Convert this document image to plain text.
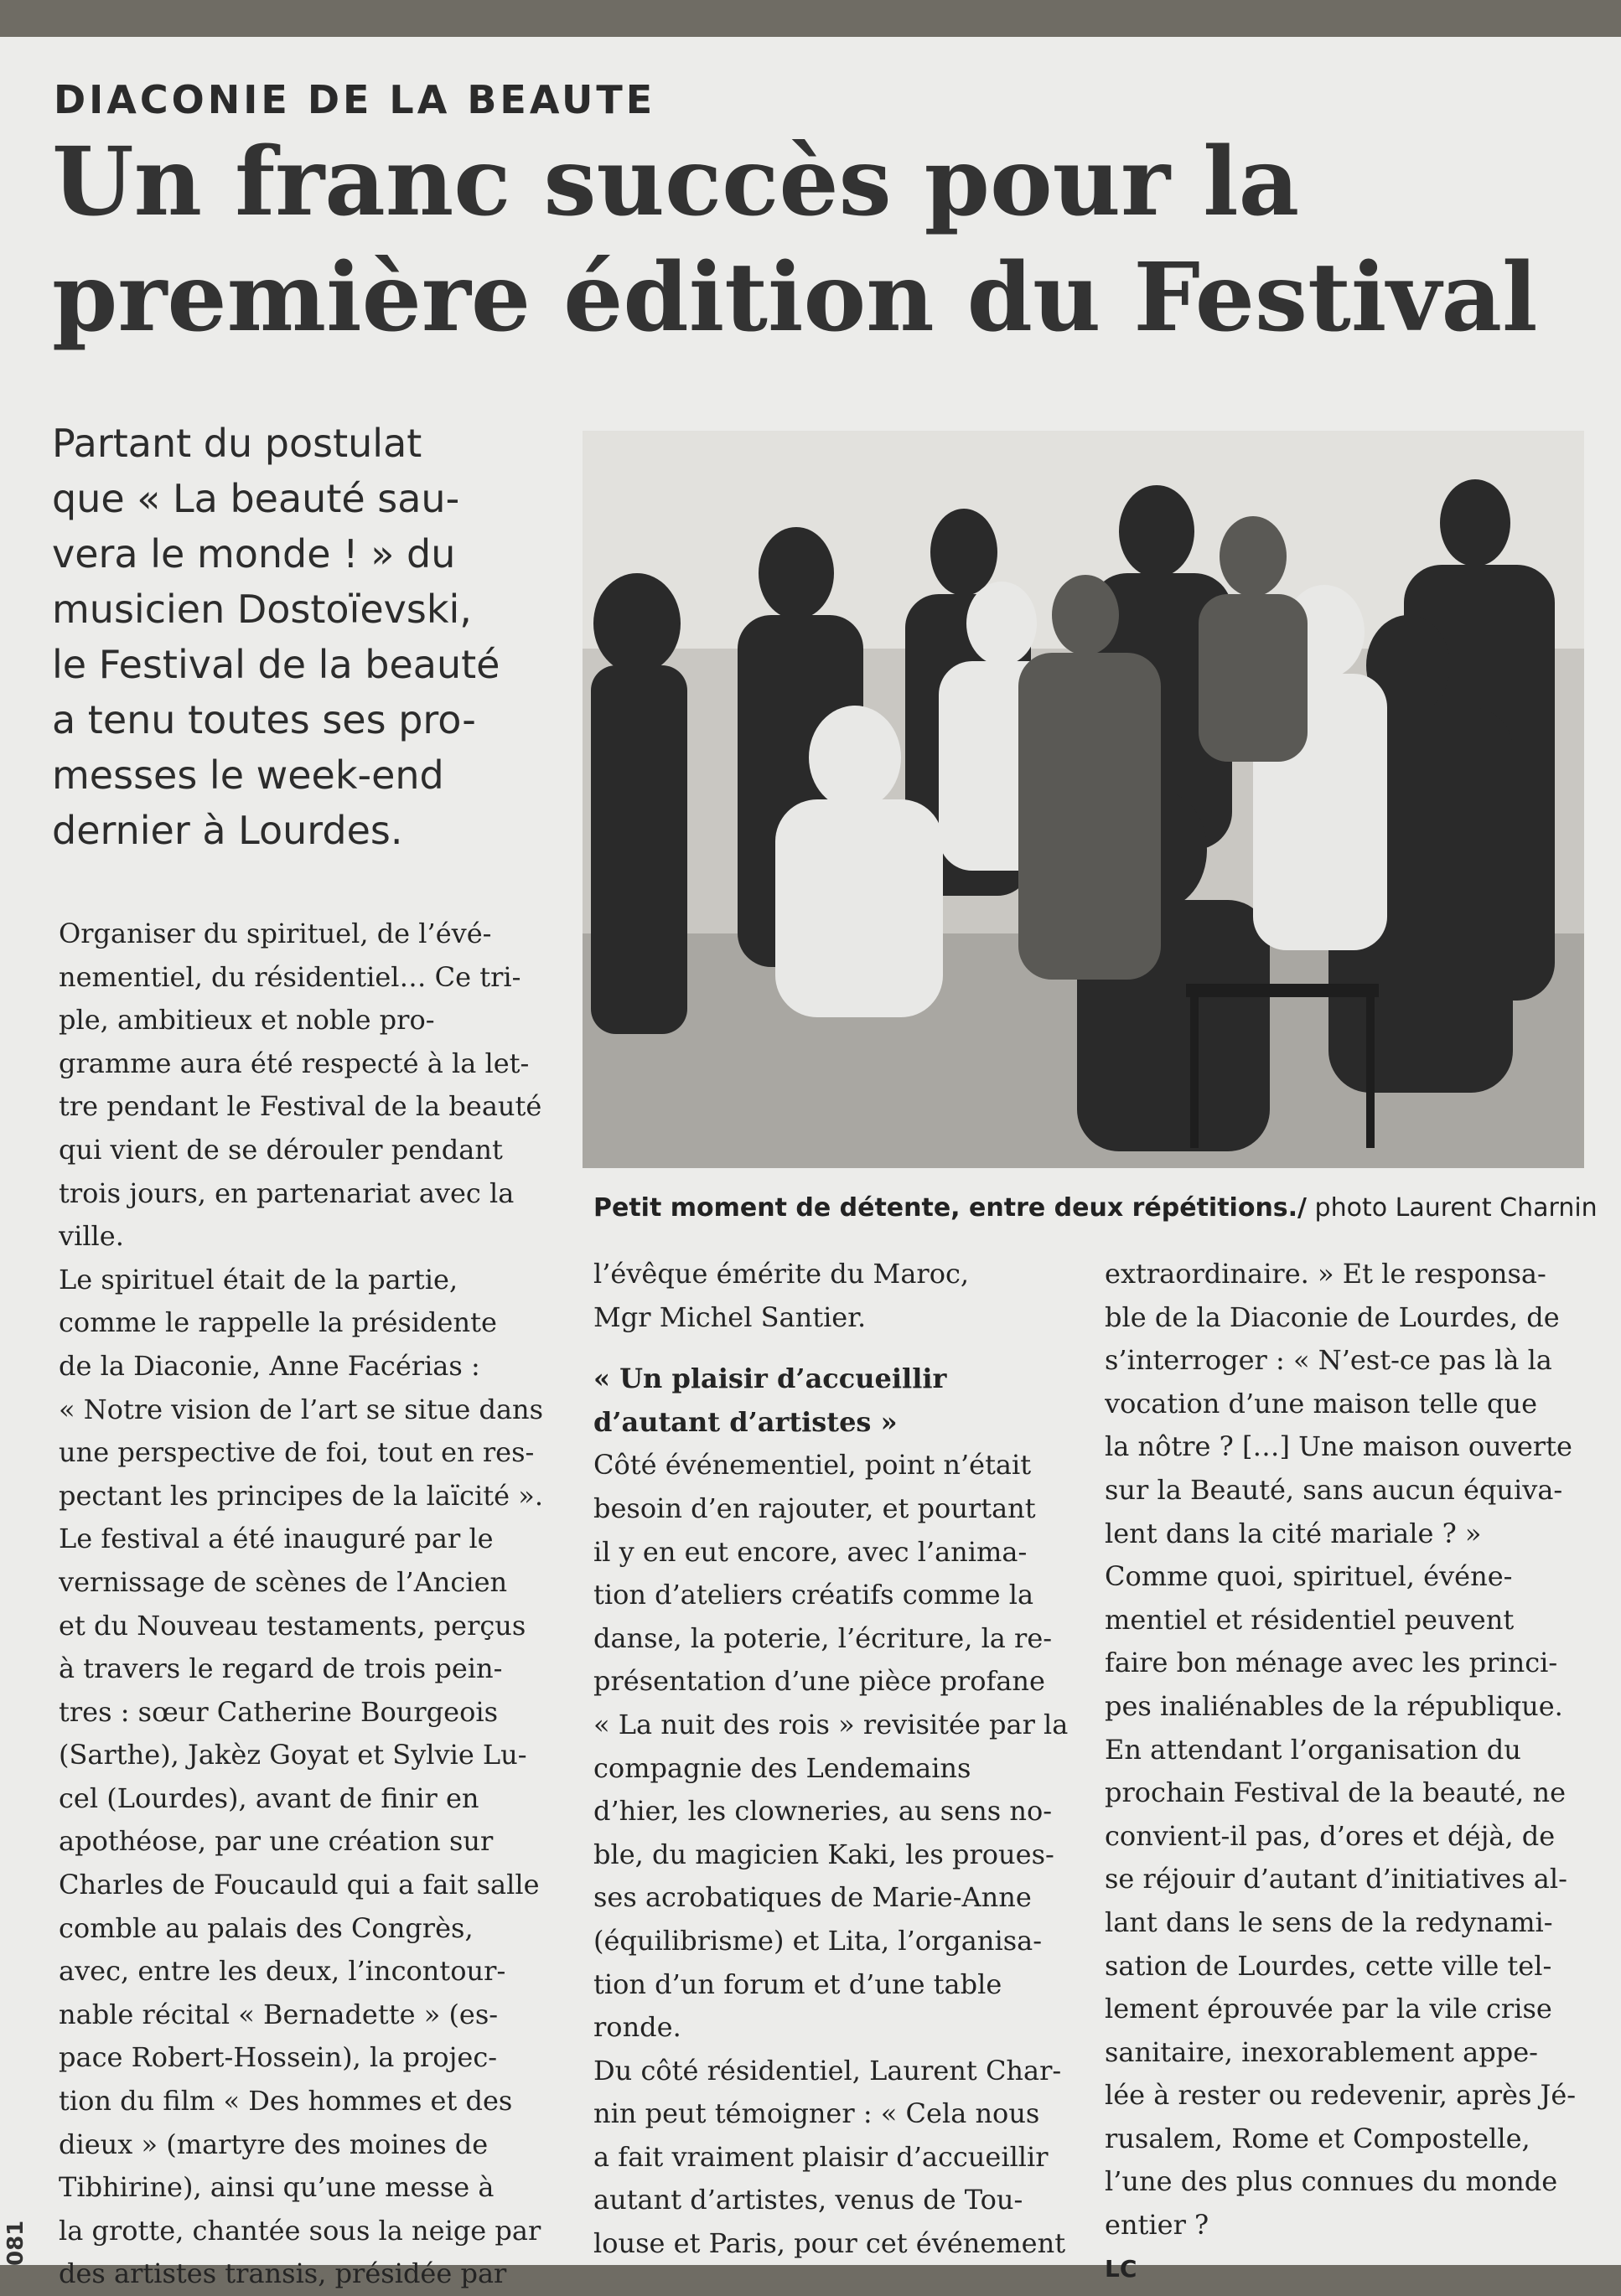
DIACONIE DE LA BEAUTE
Un franc succès pour la
première édition du Festival

Partant du postulat
que « La beauté sau-
vera le monde ! » du
musicien Dostoïevski,
le Festival de la beauté
a tenu toutes ses pro-
messes le week-end
dernier à Lourdes.

Petit moment de détente, entre deux répétitions./ photo Laurent Charnin

Organiser du spirituel, de l’évé-
nementiel, du résidentiel… Ce tri-
ple, ambitieux et noble pro-
gramme aura été respecté à la let-
tre pendant le Festival de la beauté
qui vient de se dérouler pendant
trois jours, en partenariat avec la
ville.
Le spirituel était de la partie,
comme le rappelle la présidente
de la Diaconie, Anne Facérias :
« Notre vision de l’art se situe dans
une perspective de foi, tout en res-
pectant les principes de la laïcité ».
Le festival a été inauguré par le
vernissage de scènes de l’Ancien
et du Nouveau testaments, perçus
à travers le regard de trois pein-
tres : sœur Catherine Bourgeois
(Sarthe), Jakèz Goyat et Sylvie Lu-
cel (Lourdes), avant de finir en
apothéose, par une création sur
Charles de Foucauld qui a fait salle
comble au palais des Congrès,
avec, entre les deux, l’incontour-
nable récital « Bernadette » (es-
pace Robert-Hossein), la projec-
tion du film « Des hommes et des
dieux » (martyre des moines de
Tibhirine), ainsi qu’une messe à
la grotte, chantée sous la neige par
des artistes transis, présidée par
l’évêque émérite du Maroc,
Mgr Michel Santier.
« Un plaisir d’accueillir
d’autant d’artistes »
Côté événementiel, point n’était
besoin d’en rajouter, et pourtant
il y en eut encore, avec l’anima-
tion d’ateliers créatifs comme la
danse, la poterie, l’écriture, la re-
présentation d’une pièce profane
« La nuit des rois » revisitée par la
compagnie des Lendemains
d’hier, les clowneries, au sens no-
ble, du magicien Kaki, les proues-
ses acrobatiques de Marie-Anne
(équilibrisme) et Lita, l’organisa-
tion d’un forum et d’une table
ronde.
Du côté résidentiel, Laurent Char-
nin peut témoigner : « Cela nous
a fait vraiment plaisir d’accueillir
autant d’artistes, venus de Tou-
louse et Paris, pour cet événement
extraordinaire. » Et le responsa-
ble de la Diaconie de Lourdes, de
s’interroger : « N’est-ce pas là la
vocation d’une maison telle que
la nôtre ? […] Une maison ouverte
sur la Beauté, sans aucun équiva-
lent dans la cité mariale ? »
Comme quoi, spirituel, événe-
mentiel et résidentiel peuvent
faire bon ménage avec les princi-
pes inaliénables de la république.
En attendant l’organisation du
prochain Festival de la beauté, ne
convient-il pas, d’ores et déjà, de
se réjouir d’autant d’initiatives al-
lant dans le sens de la redynami-
sation de Lourdes, cette ville tel-
lement éprouvée par la vile crise
sanitaire, inexorablement appe-
lée à rester ou redevenir, après Jé-
rusalem, Rome et Compostelle,
l’une des plus connues du monde
entier ?
LC
081
